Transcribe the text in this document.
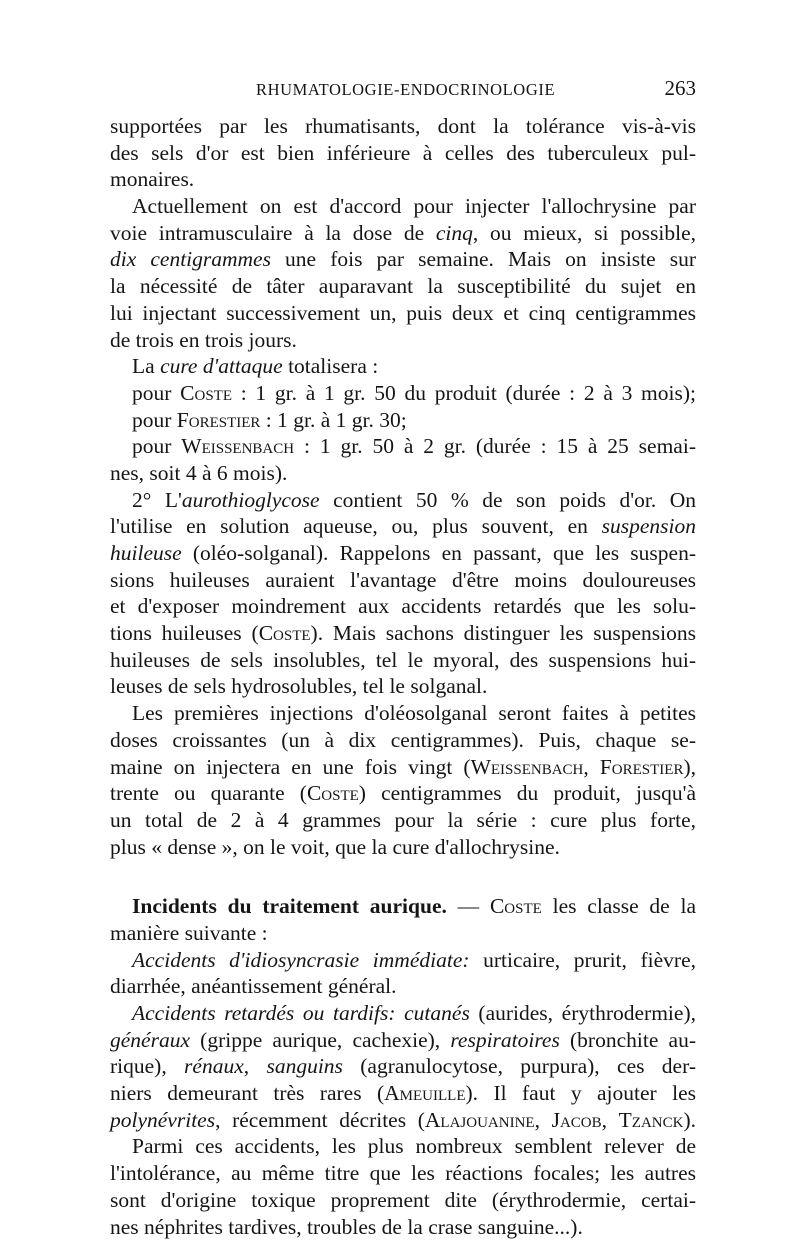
RHUMATOLOGIE-ENDOCRINOLOGIE	263
supportées par les rhumatisants, dont la tolérance vis-à-vis
des sels d'or est bien inférieure à celles des tuberculeux pul-
monaires.
Actuellement on est d'accord pour injecter l'allochrysine par
voie intramusculaire à la dose de cinq, ou mieux, si possible,
dix centigrammes une fois par semaine. Mais on insiste sur
la nécessité de tâter auparavant la susceptibilité du sujet en
lui injectant successivement un, puis deux et cinq centigrammes
de trois en trois jours.
La cure d'attaque totalisera :
pour Coste : 1 gr. à 1 gr. 50 du produit (durée : 2 à 3 mois);
pour Forestier : 1 gr. à 1 gr. 30;
pour Weissenbach : 1 gr. 50 à 2 gr. (durée : 15 à 25 semai-
nes, soit 4 à 6 mois).
2° L'aurothioglycose contient 50 % de son poids d'or. On
l'utilise en solution aqueuse, ou, plus souvent, en suspension
huileuse (oléo-solganal). Rappelons en passant, que les suspen-
sions huileuses auraient l'avantage d'être moins douloureuses
et d'exposer moindrement aux accidents retardés que les solu-
tions huileuses (Coste). Mais sachons distinguer les suspensions
huileuses de sels insolubles, tel le myoral, des suspensions hui-
leuses de sels hydrosolubles, tel le solganal.
Les premières injections d'oléosolganal seront faites à petites
doses croissantes (un à dix centigrammes). Puis, chaque se-
maine on injectera en une fois vingt (Weissenbach, Forestier),
trente ou quarante (Coste) centigrammes du produit, jusqu'à
un total de 2 à 4 grammes pour la série : cure plus forte,
plus « dense », on le voit, que la cure d'allochrysine.
Incidents du traitement aurique. — Coste les classe de la
manière suivante :
Accidents d'idiosyncrasie immédiate: urticaire, prurit, fièvre,
diarrhée, anéantissement général.
Accidents retardés ou tardifs: cutanés (aurides, érythrodermie),
généraux (grippe aurique, cachexie), respiratoires (bronchite au-
rique), rénaux, sanguins (agranulocytose, purpura), ces der-
niers demeurant très rares (Ameuille). Il faut y ajouter les
polynévrites, récemment décrites (Alajouanine, Jacob, Tzanck).
Parmi ces accidents, les plus nombreux semblent relever de
l'intolérance, au même titre que les réactions focales; les autres
sont d'origine toxique proprement dite (érythrodermie, certai-
nes néphrites tardives, troubles de la crase sanguine...).
